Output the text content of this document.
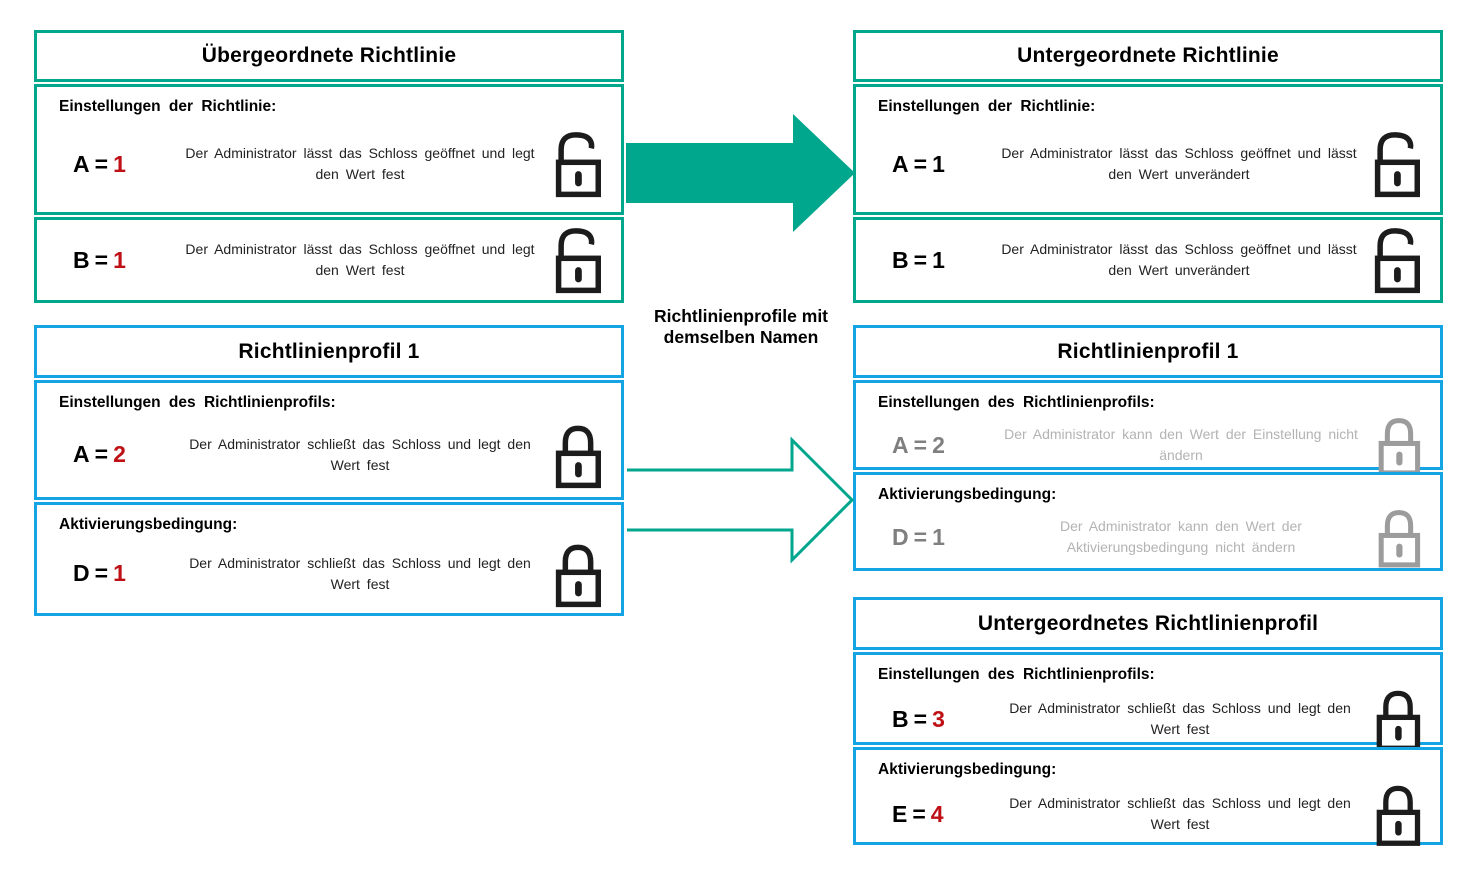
Übergeordnete Richtlinie
Einstellungen der Richtlinie:
A = 1	Der Administrator lässt das Schloss geöffnet und legt den Wert fest
B = 1	Der Administrator lässt das Schloss geöffnet und legt den Wert fest
Untergeordnete Richtlinie
Einstellungen der Richtlinie:
A = 1	Der Administrator lässt das Schloss geöffnet und lässt den Wert unverändert
B = 1	Der Administrator lässt das Schloss geöffnet und lässt den Wert unverändert
Richtlinienprofil 1
Einstellungen des Richtlinienprofils:
A = 2	Der Administrator schließt das Schloss und legt den Wert fest
Aktivierungsbedingung:
D = 1	Der Administrator schließt das Schloss und legt den Wert fest
Richtlinienprofil 1
Einstellungen des Richtlinienprofils:
A = 2	Der Administrator kann den Wert der Einstellung nicht ändern
Aktivierungsbedingung:
D = 1	Der Administrator kann den Wert der Aktivierungsbedingung nicht ändern
Untergeordnetes Richtlinienprofil
Einstellungen des Richtlinienprofils:
B = 3	Der Administrator schließt das Schloss und legt den Wert fest
Aktivierungsbedingung:
E = 4	Der Administrator schließt das Schloss und legt den Wert fest
Richtlinienprofile mit
demselben Namen
